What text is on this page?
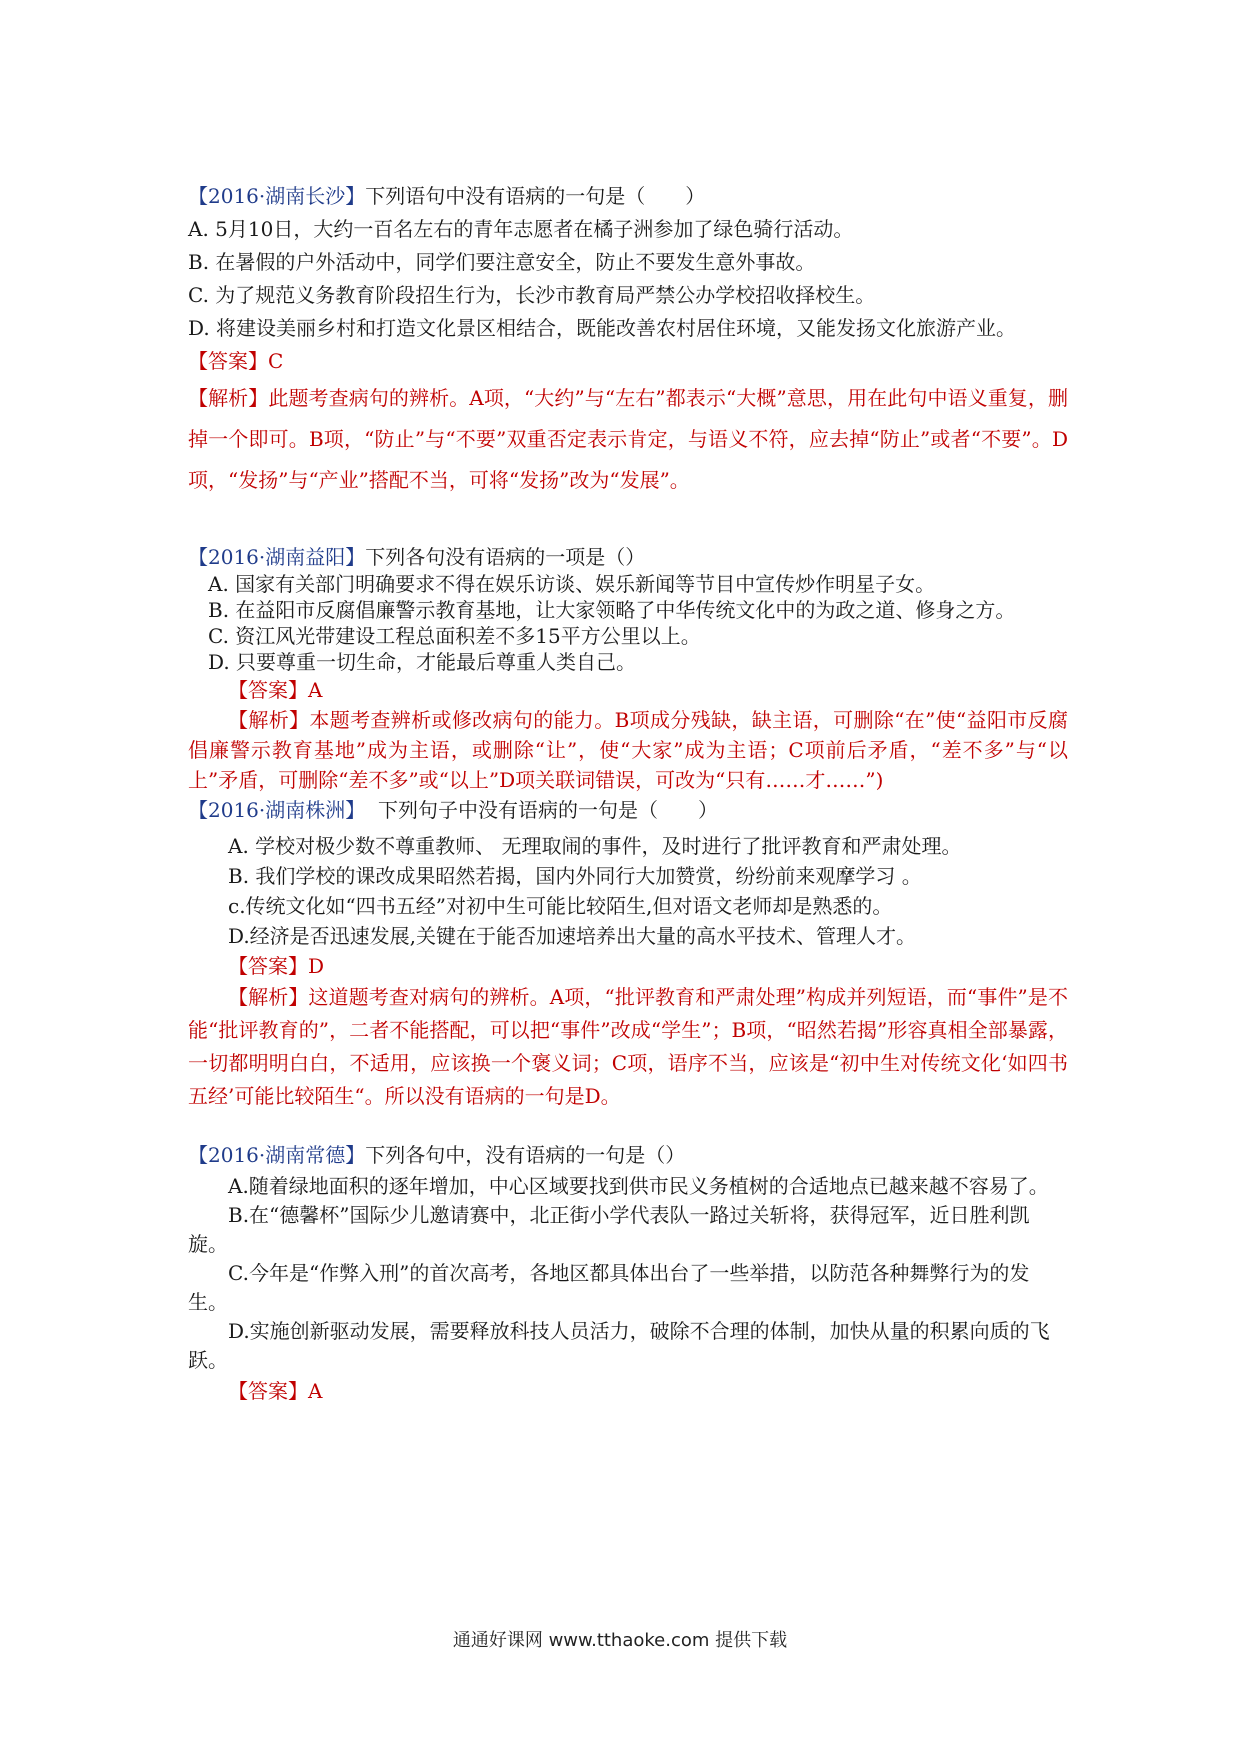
【2016·湖南长沙】下列语句中没有语病的一句是（　　）
A. 5月10日，大约一百名左右的青年志愿者在橘子洲参加了绿色骑行活动。
B. 在暑假的户外活动中，同学们要注意安全，防止不要发生意外事故。
C. 为了规范义务教育阶段招生行为，长沙市教育局严禁公办学校招收择校生。
D. 将建设美丽乡村和打造文化景区相结合，既能改善农村居住环境，又能发扬文化旅游产业。
【答案】C
【解析】此题考查病句的辨析。A项，“大约”与“左右”都表示“大概”意思，用在此句中语义重复，删掉一个即可。B项，“防止”与“不要”双重否定表示肯定，与语义不符，应去掉“防止”或者“不要”。D项，“发扬”与“产业”搭配不当，可将“发扬”改为“发展”。
【2016·湖南益阳】下列各句没有语病的一项是（）
A. 国家有关部门明确要求不得在娱乐访谈、娱乐新闻等节目中宣传炒作明星子女。
B. 在益阳市反腐倡廉警示教育基地，让大家领略了中华传统文化中的为政之道、修身之方。
C. 资江风光带建设工程总面积差不多15平方公里以上。
D. 只要尊重一切生命，才能最后尊重人类自己。
【答案】A
【解析】本题考查辨析或修改病句的能力。B项成分残缺，缺主语，可删除“在”使“益阳市反腐倡廉警示教育基地”成为主语，或删除“让”，使“大家”成为主语；C项前后矛盾，“差不多”与“以上”矛盾，可删除“差不多”或“以上”D项关联词错误，可改为“只有……才……”)
【2016·湖南株洲】 下列句子中没有语病的一句是（　　）
A. 学校对极少数不尊重教师、 无理取闹的事件，及时进行了批评教育和严肃处理。
B. 我们学校的课改成果昭然若揭，国内外同行大加赞赏，纷纷前来观摩学习 。
c.传统文化如“四书五经”对初中生可能比较陌生,但对语文老师却是熟悉的。
D.经济是否迅速发展,关键在于能否加速培养出大量的高水平技术、管理人才。
【答案】D
【解析】这道题考查对病句的辨析。A项，“批评教育和严肃处理”构成并列短语，而“事件”是不能“批评教育的”，二者不能搭配，可以把“事件”改成“学生”；B项，“昭然若揭”形容真相全部暴露，一切都明明白白，不适用，应该换一个褒义词；C项，语序不当，应该是“初中生对传统文化‘如四书五经’可能比较陌生“。所以没有语病的一句是D。
【2016·湖南常德】下列各句中，没有语病的一句是（）
A.随着绿地面积的逐年增加，中心区域要找到供市民义务植树的合适地点已越来越不容易了。
B.在“德馨杯”国际少儿邀请赛中，北正街小学代表队一路过关斩将，获得冠军，近日胜利凯旋。
C.今年是“作弊入刑”的首次高考，各地区都具体出台了一些举措，以防范各种舞弊行为的发生。
D.实施创新驱动发展，需要释放科技人员活力，破除不合理的体制，加快从量的积累向质的飞跃。
【答案】A
通通好课网 www.tthaoke.com 提供下载
